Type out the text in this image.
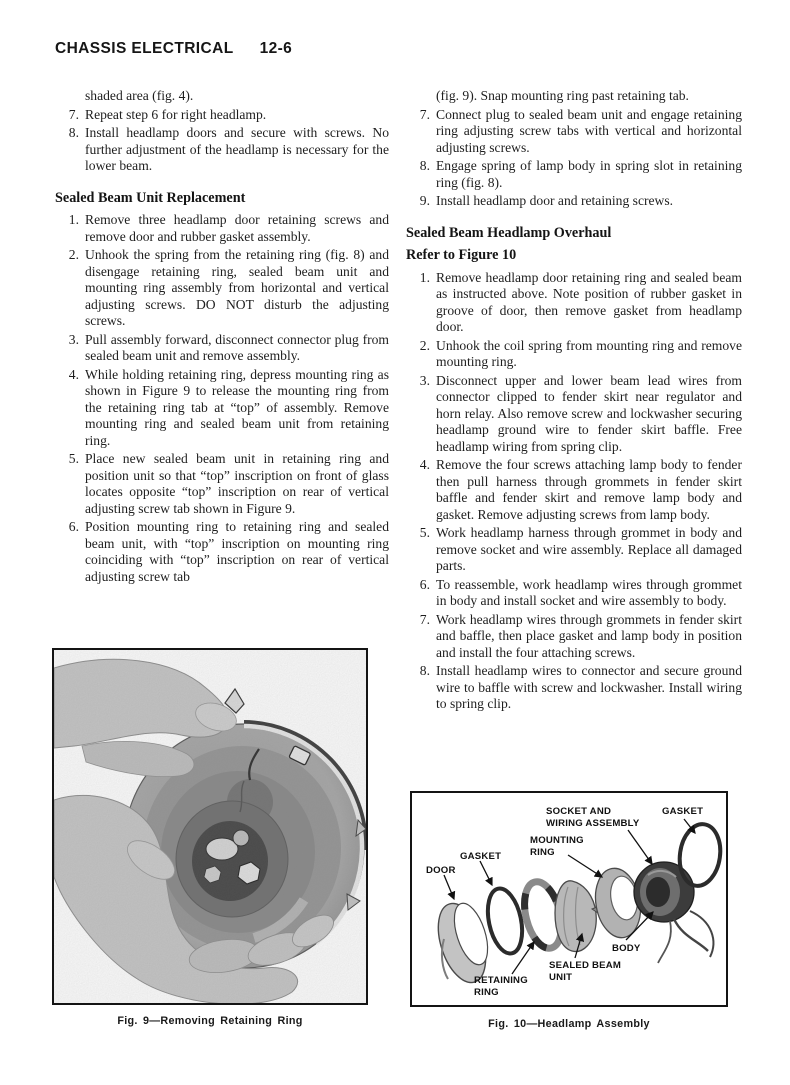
CHASSIS ELECTRICAL 12-6
shaded area (fig. 4).
7. Repeat step 6 for right headlamp.
8. Install headlamp doors and secure with screws. No further adjustment of the headlamp is necessary for the lower beam.
Sealed Beam Unit Replacement
1. Remove three headlamp door retaining screws and remove door and rubber gasket assembly.
2. Unhook the spring from the retaining ring (fig. 8) and disengage retaining ring, sealed beam unit and mounting ring assembly from horizontal and vertical adjusting screws. DO NOT disturb the adjusting screws.
3. Pull assembly forward, disconnect connector plug from sealed beam unit and remove assembly.
4. While holding retaining ring, depress mounting ring as shown in Figure 9 to release the mounting ring from the retaining ring tab at “top” of assembly. Remove mounting ring and sealed beam unit from retaining ring.
5. Place new sealed beam unit in retaining ring and position unit so that “top” inscription on front of glass locates opposite “top” inscription on rear of vertical adjusting screw tab shown in Figure 9.
6. Position mounting ring to retaining ring and sealed beam unit, with “top” inscription on mounting ring coinciding with “top” inscription on rear of vertical adjusting screw tab
(fig. 9). Snap mounting ring past retaining tab.
7. Connect plug to sealed beam unit and engage retaining ring adjusting screw tabs with vertical and horizontal adjusting screws.
8. Engage spring of lamp body in spring slot in retaining ring (fig. 8).
9. Install headlamp door and retaining screws.
Sealed Beam Headlamp Overhaul
Refer to Figure 10
1. Remove headlamp door retaining ring and sealed beam as instructed above. Note position of rubber gasket in groove of door, then remove gasket from headlamp door.
2. Unhook the coil spring from mounting ring and remove mounting ring.
3. Disconnect upper and lower beam lead wires from connector clipped to fender skirt near regulator and horn relay. Also remove screw and lockwasher securing headlamp ground wire to fender skirt baffle. Free headlamp wiring from spring clip.
4. Remove the four screws attaching lamp body to fender then pull harness through grommets in fender skirt baffle and fender skirt and remove lamp body and gasket. Remove adjusting screws from lamp body.
5. Work headlamp harness through grommet in body and remove socket and wire assembly. Replace all damaged parts.
6. To reassemble, work headlamp wires through grommet in body and install socket and wire assembly to body.
7. Work headlamp wires through grommets in fender skirt and baffle, then place gasket and lamp body in position and install the four attaching screws.
8. Install headlamp wires to connector and secure ground wire to baffle with screw and lockwasher. Install wiring to spring clip.
Fig. 9—Removing Retaining Ring
DOOR
GASKET
MOUNTING
RING
SOCKET AND
WIRING ASSEMBLY
GASKET
BODY
SEALED BEAM
UNIT
RETAINING
RING
Fig. 10—Headlamp Assembly
